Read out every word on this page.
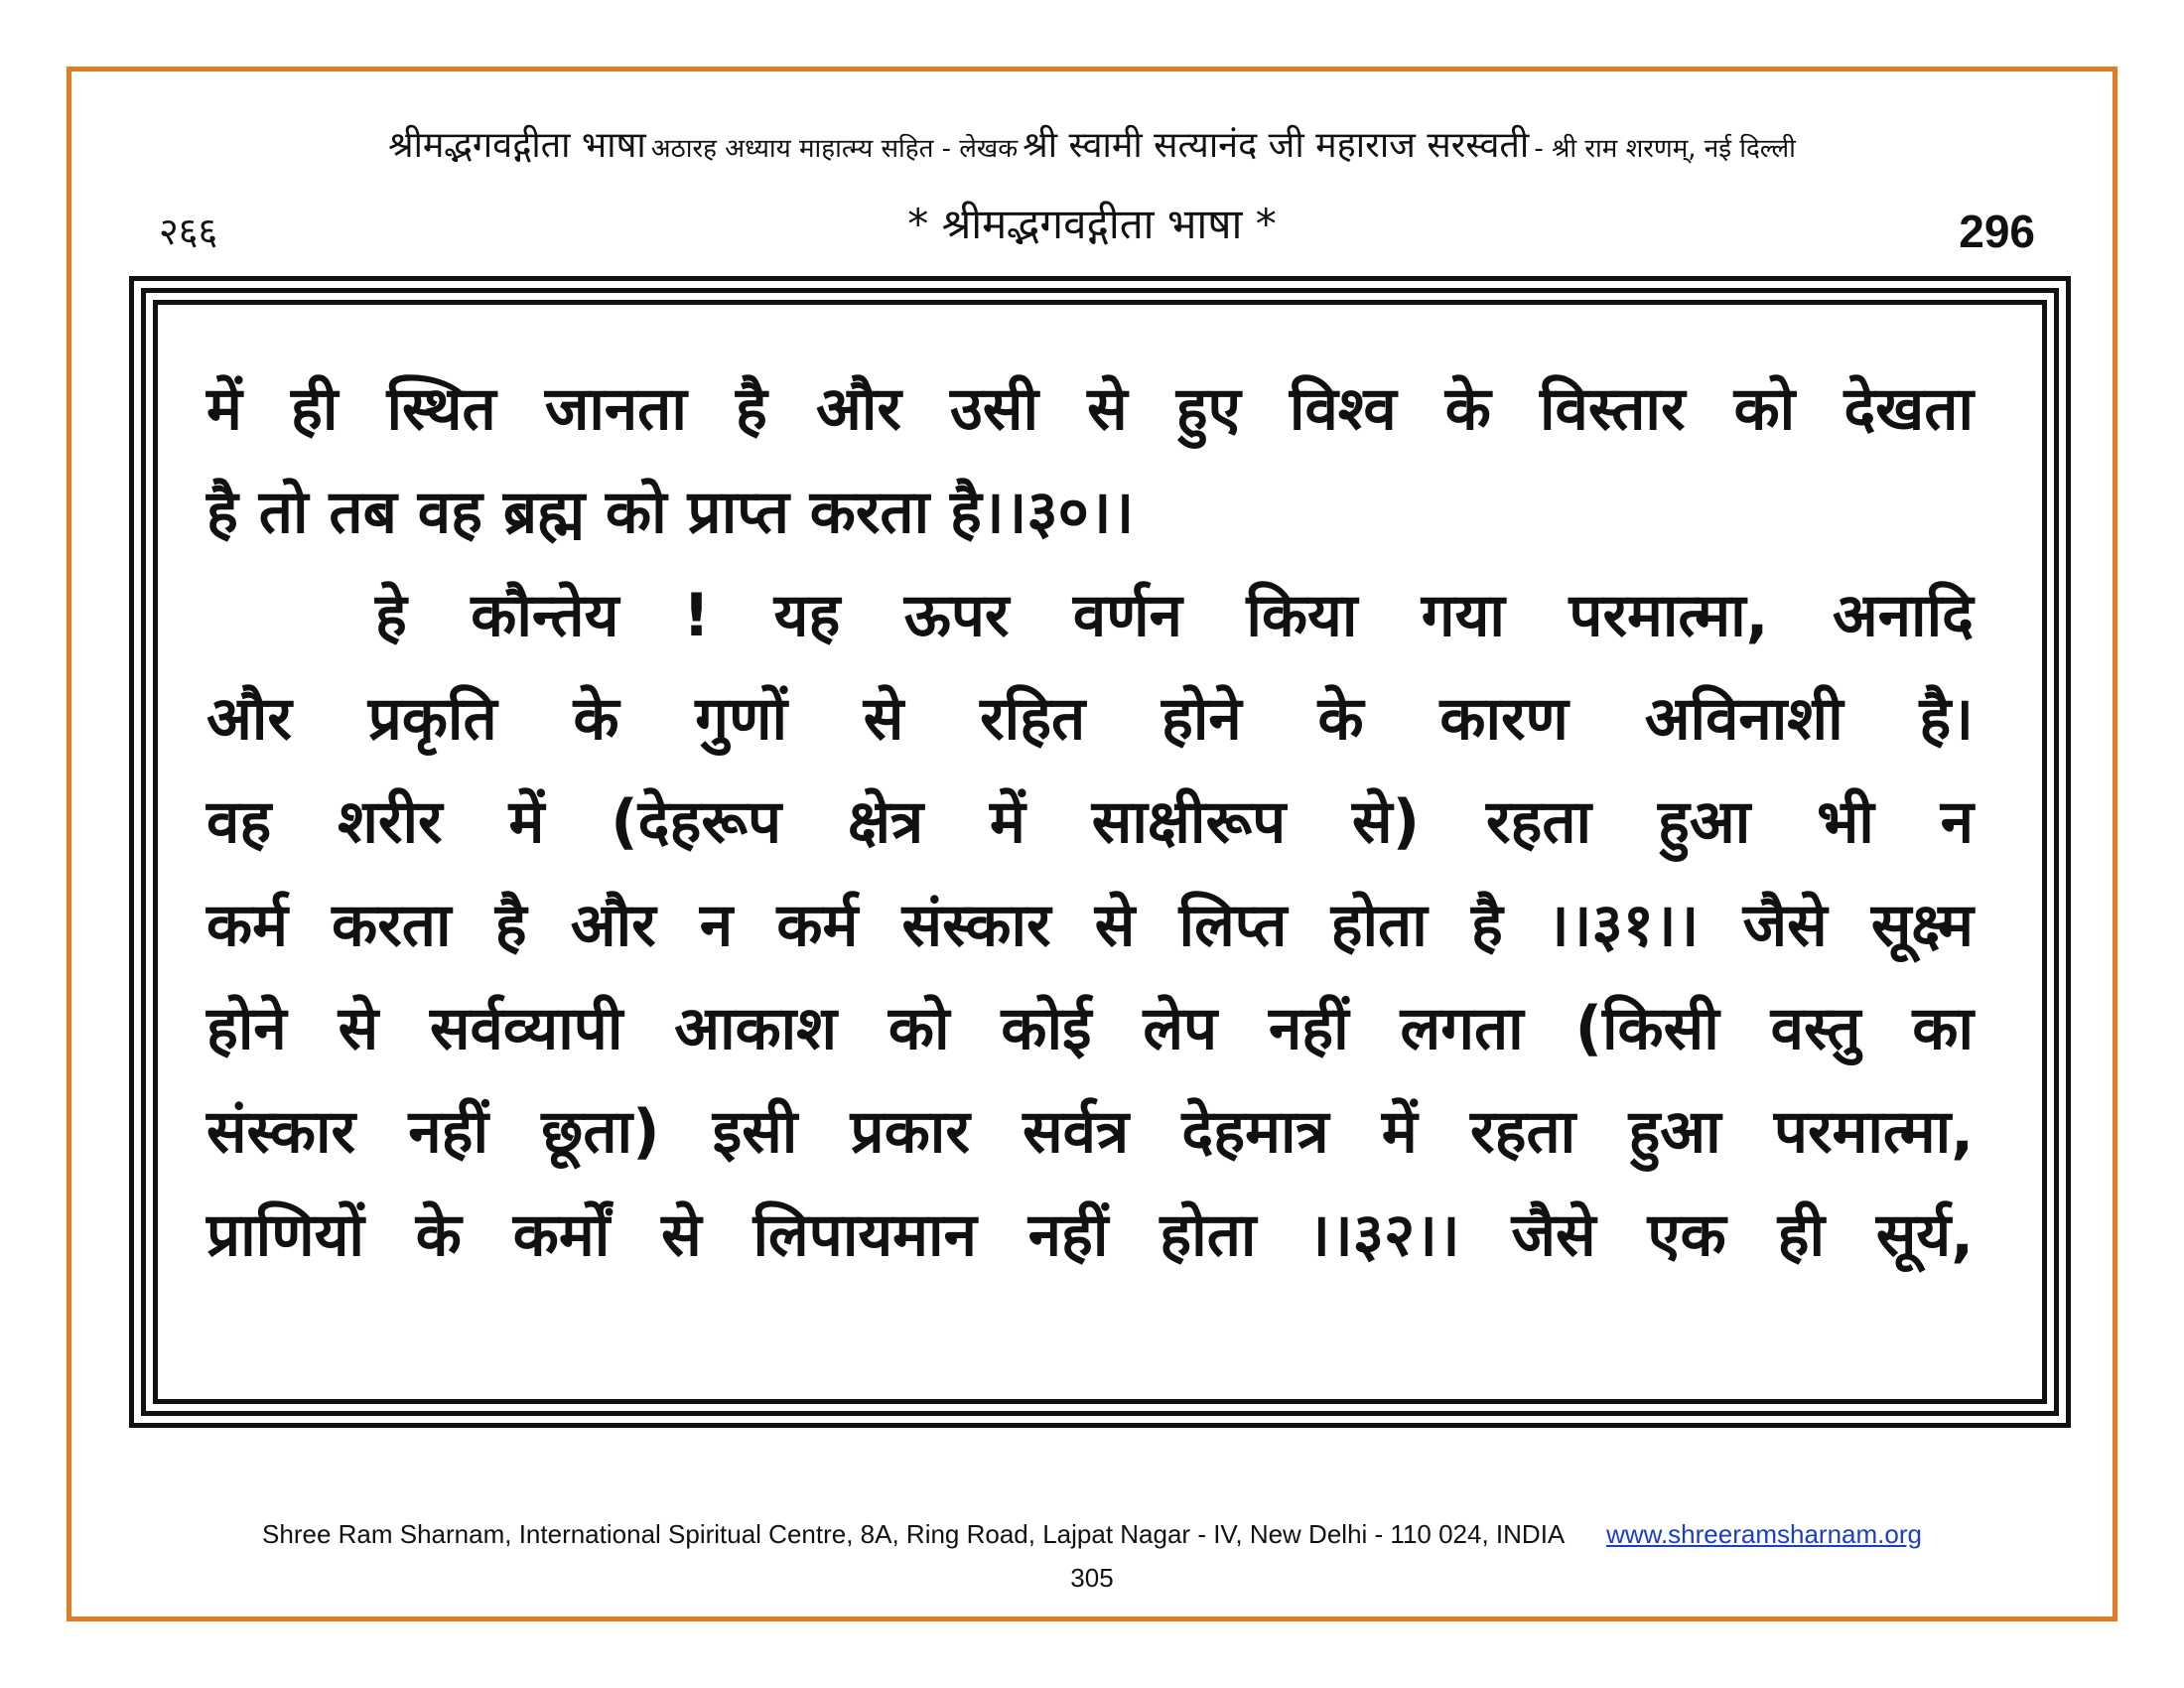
श्रीमद्भगवद्गीता भाषा अठारह अध्याय माहात्म्य सहित - लेखक श्री स्वामी सत्यानंद जी महाराज सरस्वती - श्री राम शरणम्, नई दिल्ली
२६६	* श्रीमद्भगवद्गीता भाषा *	296
में ही स्थित जानता है और उसी से हुए विश्व के विस्तार को देखता
है तो तब वह ब्रह्म को प्राप्त करता है।।३०।।
हे कौन्तेय ! यह ऊपर वर्णन किया गया परमात्मा, अनादि
और प्रकृति के गुणों से रहित होने के कारण अविनाशी है।
वह शरीर में (देहरूप क्षेत्र में साक्षीरूप से) रहता हुआ भी न
कर्म करता है और न कर्म संस्कार से लिप्त होता है ।।३१।। जैसे सूक्ष्म
होने से सर्वव्यापी आकाश को कोई लेप नहीं लगता (किसी वस्तु का
संस्कार नहीं छूता) इसी प्रकार सर्वत्र देहमात्र में रहता हुआ परमात्मा,
प्राणियों के कर्मों से लिपायमान नहीं होता ।।३२।। जैसे एक ही सूर्य,
Shree Ram Sharnam, International Spiritual Centre, 8A, Ring Road, Lajpat Nagar - IV, New Delhi - 110 024, INDIA www.shreeramsharnam.org
305
